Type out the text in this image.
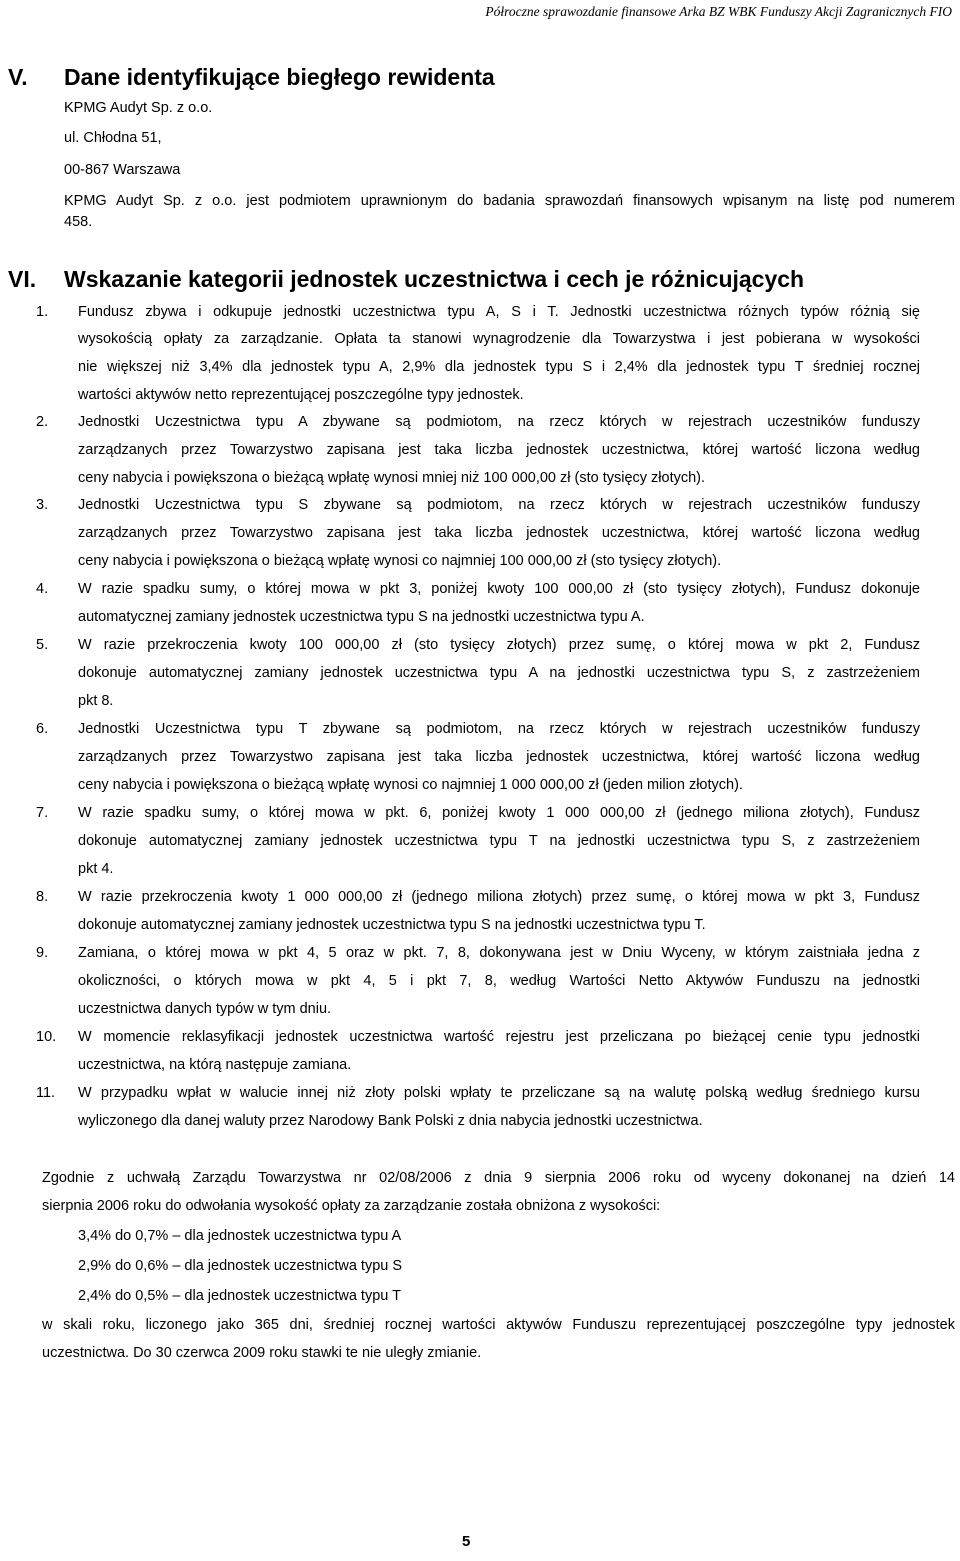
Półroczne sprawozdanie finansowe Arka BZ WBK Funduszy Akcji Zagranicznych FIO
V. Dane identyfikujące biegłego rewidenta
KPMG Audyt Sp. z o.o.
ul. Chłodna 51,
00-867 Warszawa
KPMG Audyt Sp. z o.o. jest podmiotem uprawnionym do badania sprawozdań finansowych wpisanym na listę pod numerem
458.
VI. Wskazanie kategorii jednostek uczestnictwa i cech je różnicujących
1. Fundusz zbywa i odkupuje jednostki uczestnictwa typu A, S i T. Jednostki uczestnictwa różnych typów różnią się
wysokością opłaty za zarządzanie. Opłata ta stanowi wynagrodzenie dla Towarzystwa i jest pobierana w wysokości
nie większej niż 3,4% dla jednostek typu A, 2,9% dla jednostek typu S i 2,4% dla jednostek typu T średniej rocznej
wartości aktywów netto reprezentującej poszczególne typy jednostek.
2. Jednostki Uczestnictwa typu A zbywane są podmiotom, na rzecz których w rejestrach uczestników funduszy
zarządzanych przez Towarzystwo zapisana jest taka liczba jednostek uczestnictwa, której wartość liczona według
ceny nabycia i powiększona o bieżącą wpłatę wynosi mniej niż 100 000,00 zł (sto tysięcy złotych).
3. Jednostki Uczestnictwa typu S zbywane są podmiotom, na rzecz których w rejestrach uczestników funduszy
zarządzanych przez Towarzystwo zapisana jest taka liczba jednostek uczestnictwa, której wartość liczona według
ceny nabycia i powiększona o bieżącą wpłatę wynosi co najmniej 100 000,00 zł (sto tysięcy złotych).
4. W razie spadku sumy, o której mowa w pkt 3, poniżej kwoty 100 000,00 zł (sto tysięcy złotych), Fundusz dokonuje
automatycznej zamiany jednostek uczestnictwa typu S na jednostki uczestnictwa typu A.
5. W razie przekroczenia kwoty 100 000,00 zł (sto tysięcy złotych) przez sumę, o której mowa w pkt 2, Fundusz
dokonuje automatycznej zamiany jednostek uczestnictwa typu A na jednostki uczestnictwa typu S, z zastrzeżeniem
pkt 8.
6. Jednostki Uczestnictwa typu T zbywane są podmiotom, na rzecz których w rejestrach uczestników funduszy
zarządzanych przez Towarzystwo zapisana jest taka liczba jednostek uczestnictwa, której wartość liczona według
ceny nabycia i powiększona o bieżącą wpłatę wynosi co najmniej 1 000 000,00 zł (jeden milion złotych).
7. W razie spadku sumy, o której mowa w pkt. 6, poniżej kwoty 1 000 000,00 zł (jednego miliona złotych), Fundusz
dokonuje automatycznej zamiany jednostek uczestnictwa typu T na jednostki uczestnictwa typu S, z zastrzeżeniem
pkt 4.
8. W razie przekroczenia kwoty 1 000 000,00 zł (jednego miliona złotych) przez sumę, o której mowa w pkt 3, Fundusz
dokonuje automatycznej zamiany jednostek uczestnictwa typu S na jednostki uczestnictwa typu T.
9. Zamiana, o której mowa w pkt 4, 5 oraz w pkt. 7, 8, dokonywana jest w Dniu Wyceny, w którym zaistniała jedna z
okoliczności, o których mowa w pkt 4, 5 i pkt 7, 8, według Wartości Netto Aktywów Funduszu na jednostki
uczestnictwa danych typów w tym dniu.
10. W momencie reklasyfikacji jednostek uczestnictwa wartość rejestru jest przeliczana po bieżącej cenie typu jednostki
uczestnictwa, na którą następuje zamiana.
11. W przypadku wpłat w walucie innej niż złoty polski wpłaty te przeliczane są na walutę polską według średniego kursu
wyliczonego dla danej waluty przez Narodowy Bank Polski z dnia nabycia jednostki uczestnictwa.
Zgodnie z uchwałą Zarządu Towarzystwa nr 02/08/2006 z dnia 9 sierpnia 2006 roku od wyceny dokonanej na dzień 14
sierpnia 2006 roku do odwołania wysokość opłaty za zarządzanie została obniżona z wysokości:
3,4% do 0,7% – dla jednostek uczestnictwa typu A
2,9% do 0,6% – dla jednostek uczestnictwa typu S
2,4% do 0,5% – dla jednostek uczestnictwa typu T
w skali roku, liczonego jako 365 dni, średniej rocznej wartości aktywów Funduszu reprezentującej poszczególne typy jednostek
uczestnictwa. Do 30 czerwca 2009 roku stawki te nie uległy zmianie.
5
